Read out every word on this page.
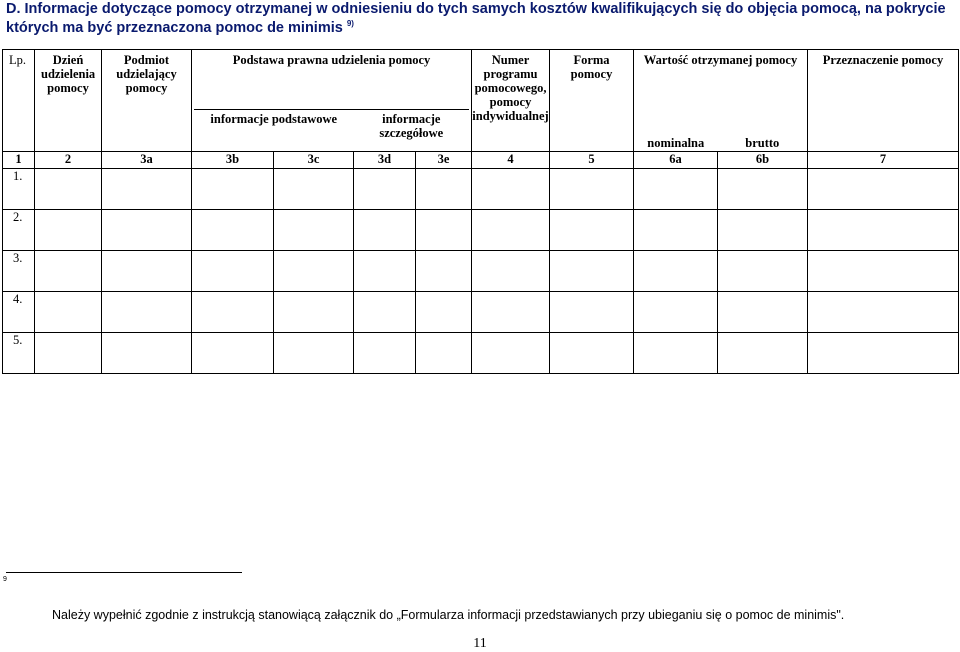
D. Informacje dotyczące pomocy otrzymanej w odniesieniu do tych samych kosztów kwalifikujących się do objęcia pomocą, na pokrycie
których ma być przeznaczona pomoc de minimis $^{9)}$
Lp.	Dzień udzielenia pomocy	Podmiot udzielający pomocy	Podstawa prawna udzielenia pomocy				Numer programu pomocowego, pomocy indywidualnej	Forma pomocy	Wartość otrzymanej pomocy		Przeznaczenie pomocy

			informacje podstawowe		informacje szczegółowe				nominalna	brutto	
1	2	3a	3b	3c	3d	3e	4	5	6a	6b	7
1.											
2.											
3.											
4.											
5.											
9
Należy wypełnić zgodnie z instrukcją stanowiącą załącznik do „Formularza informacji przedstawianych przy ubieganiu się o pomoc de minimis".
11
